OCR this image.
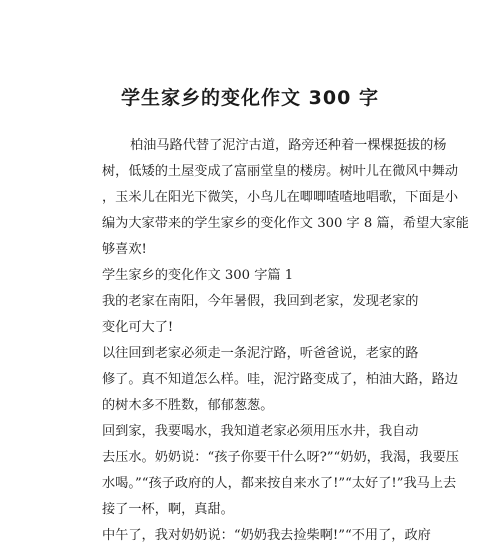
学生家乡的变化作文 300 字
柏油马路代替了泥泞古道，路旁还种着一棵棵挺拔的杨
树，低矮的土屋变成了富丽堂皇的楼房。树叶儿在微风中舞动
，玉米儿在阳光下微笑，小鸟儿在唧唧喳喳地唱歌，下面是小
编为大家带来的学生家乡的变化作文 300 字 8 篇，希望大家能
够喜欢!
学生家乡的变化作文 300 字篇 1
我的老家在南阳，今年暑假，我回到老家，发现老家的
变化可大了!
以往回到老家必须走一条泥泞路，听爸爸说，老家的路
修了。真不知道怎么样。哇，泥泞路变成了，柏油大路，路边
的树木多不胜数，郁郁葱葱。
回到家，我要喝水，我知道老家必须用压水井，我自动
去压水。奶奶说：“孩子你要干什么呀?”“奶奶，我渴，我要压
水喝。”“孩子政府的人，都来按自来水了!”“太好了!”我马上去
接了一杯，啊，真甜。
中午了，我对奶奶说：“奶奶我去捡柴啊!”“不用了，政府
